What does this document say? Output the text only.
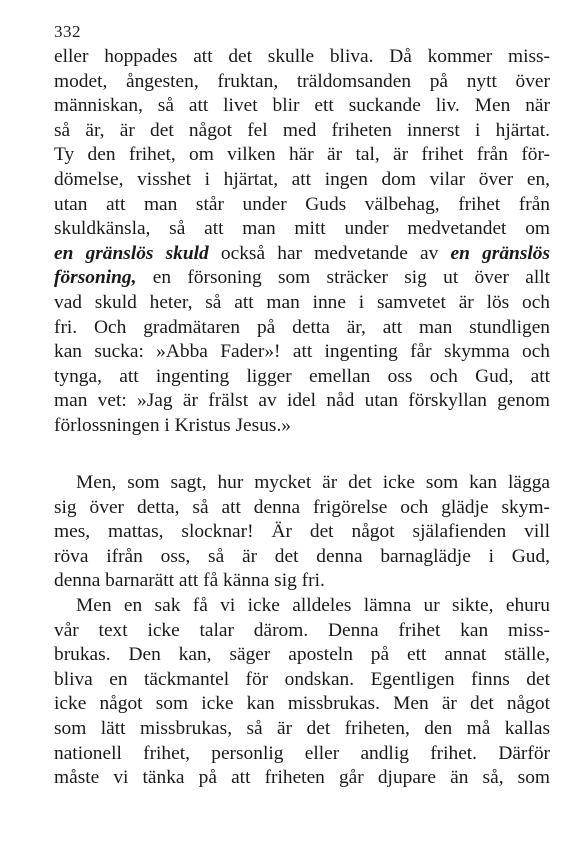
332
eller hoppades att det skulle bliva. Då kommer miss-
modet, ångesten, fruktan, träldomsanden på nytt över
människan, så att livet blir ett suckande liv. Men när
så är, är det något fel med friheten innerst i hjärtat.
Ty den frihet, om vilken här är tal, är frihet från för-
dömelse, visshet i hjärtat, att ingen dom vilar över en,
utan att man står under Guds välbehag, frihet från
skuldkänsla, så att man mitt under medvetandet om
en gränslös skuld också har medvetande av en gränslös
försoning, en försoning som sträcker sig ut över allt
vad skuld heter, så att man inne i samvetet är lös och
fri. Och gradmätaren på detta är, att man stundligen
kan sucka: »Abba Fader»! att ingenting får skymma och
tynga, att ingenting ligger emellan oss och Gud, att
man vet: »Jag är frälst av idel nåd utan förskyllan genom
förlossningen i Kristus Jesus.»
Men, som sagt, hur mycket är det icke som kan lägga
sig över detta, så att denna frigörelse och glädje skym-
mes, mattas, slocknar! Är det något själafienden vill
röva ifrån oss, så är det denna barnaglädje i Gud,
denna barnarätt att få känna sig fri.
Men en sak få vi icke alldeles lämna ur sikte, ehuru
vår text icke talar därom. Denna frihet kan miss-
brukas. Den kan, säger aposteln på ett annat ställe,
bliva en täckmantel för ondskan. Egentligen finns det
icke något som icke kan missbrukas. Men är det något
som lätt missbrukas, så är det friheten, den må kallas
nationell frihet, personlig eller andlig frihet. Därför
måste vi tänka på att friheten går djupare än så, som
